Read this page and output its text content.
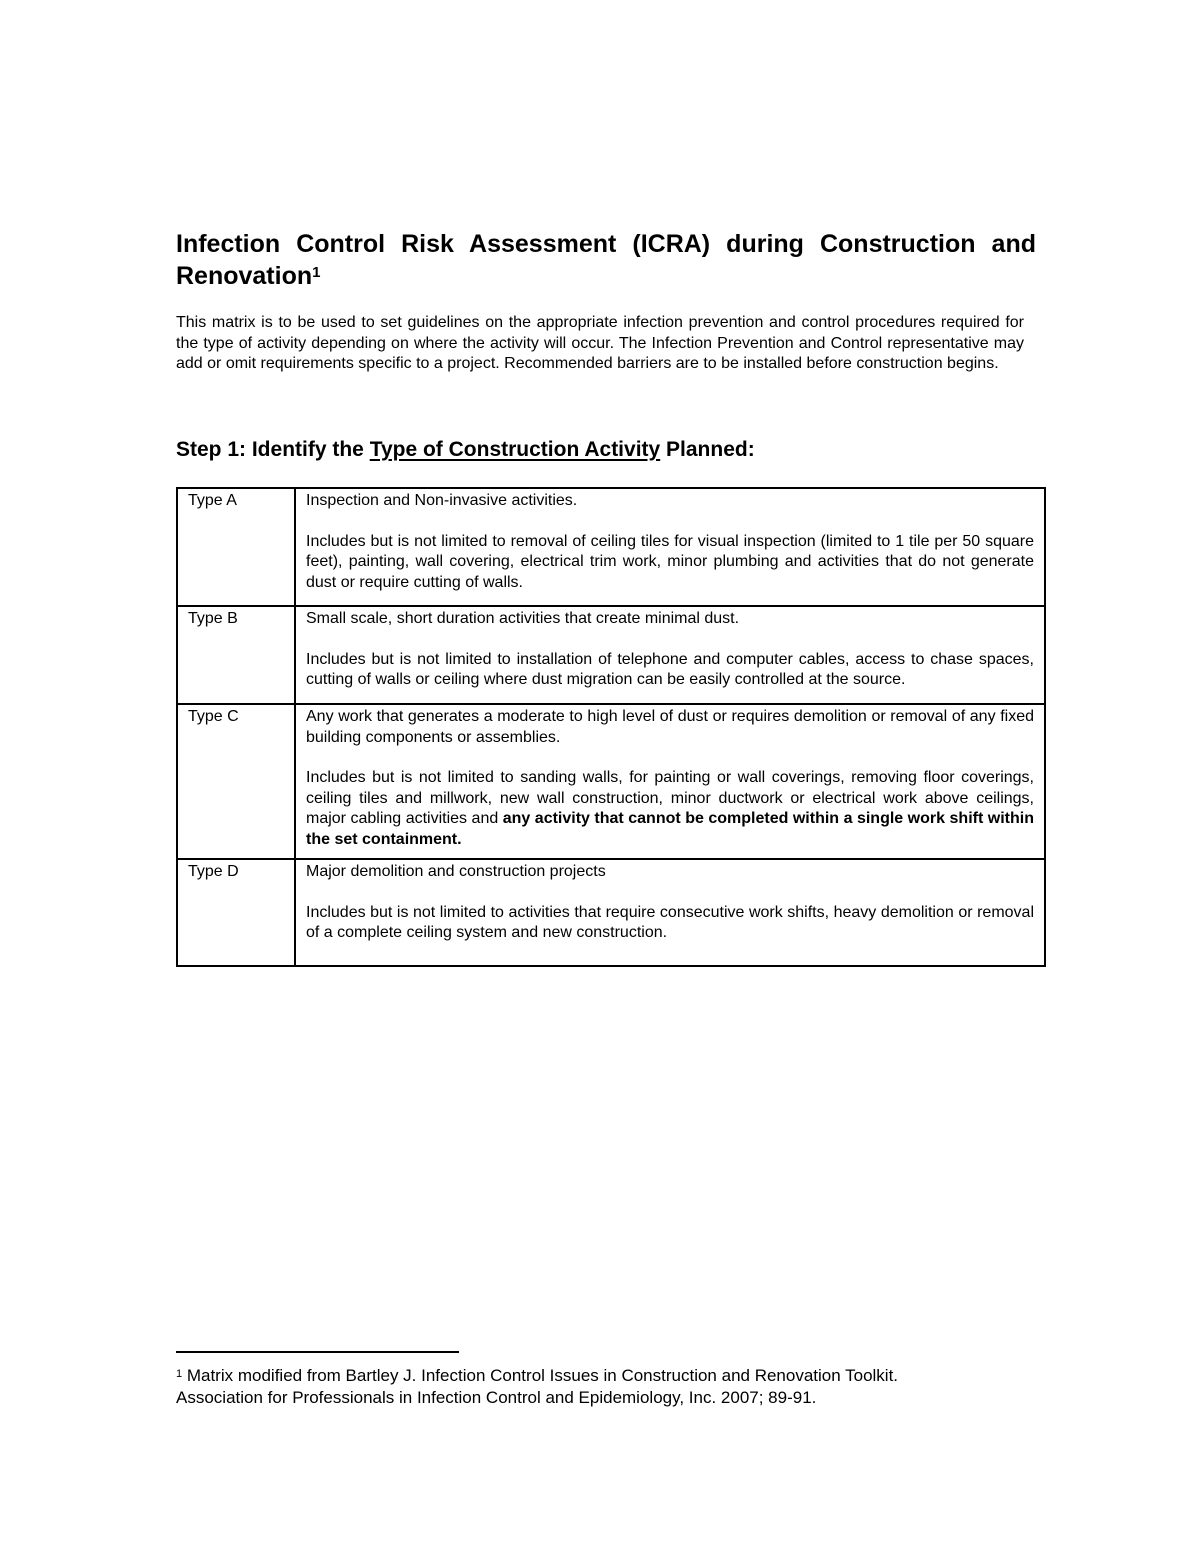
Infection Control Risk Assessment (ICRA) during Construction and Renovation$^1$

This matrix is to be used to set guidelines on the appropriate infection prevention and control procedures required for the type of activity depending on where the activity will occur. The Infection Prevention and Control representative may add or omit requirements specific to a project. Recommended barriers are to be installed before construction begins.

Step 1: Identify the Type of Construction Activity Planned:
Type A	Inspection and Non-invasive activities.

Includes but is not limited to removal of ceiling tiles for visual inspection (limited to 1 tile per 50 square feet), painting, wall covering, electrical trim work, minor plumbing and activities that do not generate dust or require cutting of walls.

Type B	Small scale, short duration activities that create minimal dust.

Includes but is not limited to installation of telephone and computer cables, access to chase spaces, cutting of walls or ceiling where dust migration can be easily controlled at the source.

Type C	Any work that generates a moderate to high level of dust or requires demolition or removal of any fixed building components or assemblies.

Includes but is not limited to sanding walls, for painting or wall coverings, removing floor coverings, ceiling tiles and millwork, new wall construction, minor ductwork or electrical work above ceilings, major cabling activities and any activity that cannot be completed within a single work shift within the set containment.

Type D	Major demolition and construction projects

Includes but is not limited to activities that require consecutive work shifts, heavy demolition or removal of a complete ceiling system and new construction.

$^1$ Matrix modified from Bartley J. Infection Control Issues in Construction and Renovation Toolkit.
Association for Professionals in Infection Control and Epidemiology, Inc. 2007; 89-91.
